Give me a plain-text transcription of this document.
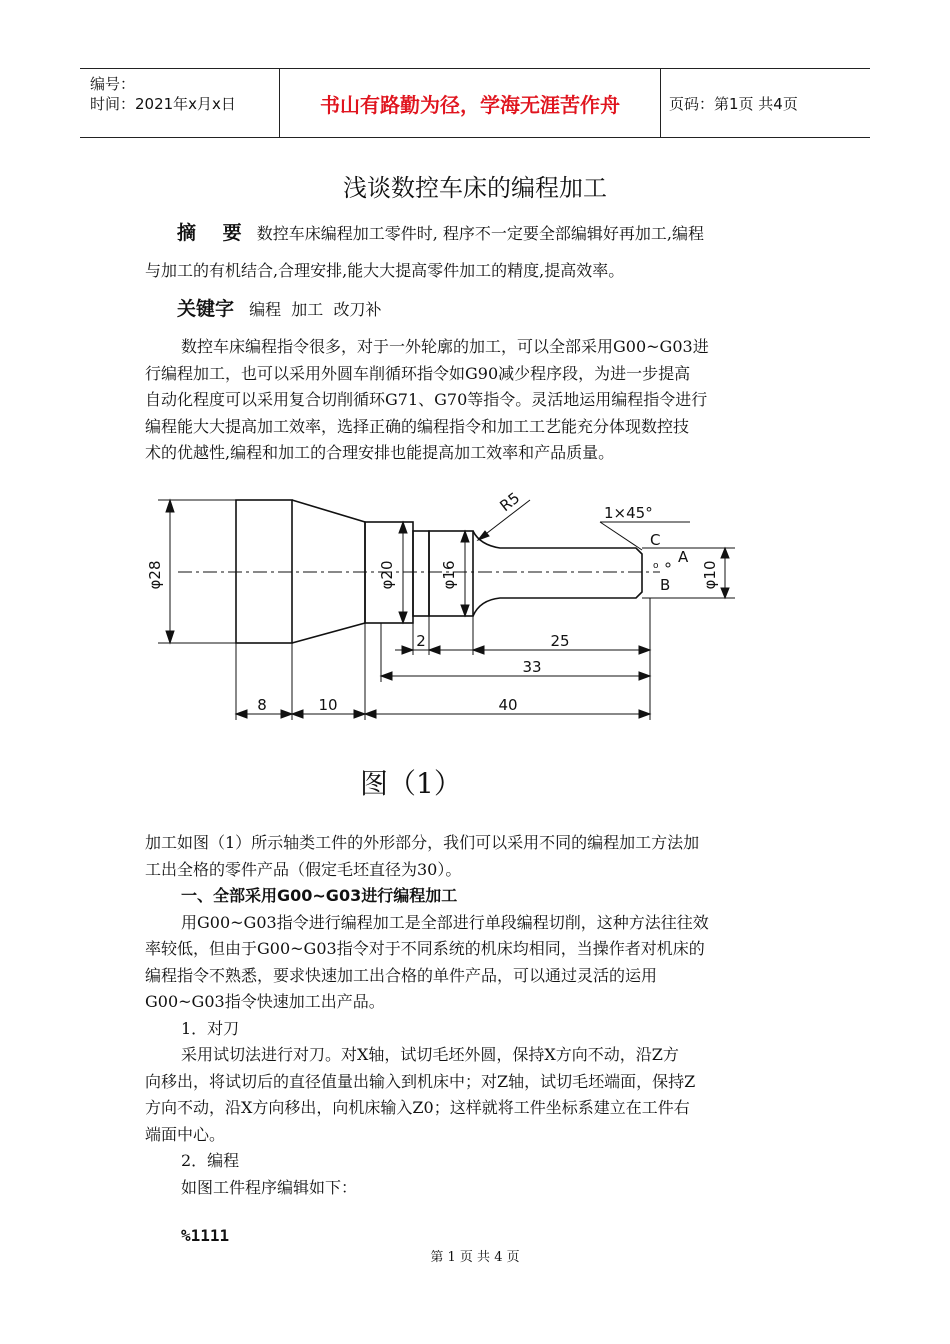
编号：
时间：2021年x月x日	书山有路勤为径，学海无涯苦作舟	页码：第1页 共4页
浅谈数控车床的编程加工
摘 要 数控车床编程加工零件时, 程序不一定要全部编辑好再加工,编程
与加工的有机结合,合理安排,能大大提高零件加工的精度,提高效率。
关键字 编程  加工  改刀补
数控车床编程指令很多，对于一外轮廓的加工，可以全部采用G00~G03进
行编程加工，也可以采用外圆车削循环指令如G90减少程序段，为进一步提高
自动化程度可以采用复合切削循环G71、G70等指令。灵活地运用编程指令进行
编程能大大提高加工效率，选择正确的编程指令和加工工艺能充分体现数控技
术的优越性,编程和加工的合理安排也能提高加工效率和产品质量。
φ28	φ20	φ16	φ10
R5	1×45°
C
A
B
o
8	10	40
33
25
2
图（1）
加工如图（1）所示轴类工件的外形部分，我们可以采用不同的编程加工方法加
工出全格的零件产品（假定毛坯直径为30）。
一、全部采用G00~G03进行编程加工
用G00~G03指令进行编程加工是全部进行单段编程切削，这种方法往往效
率较低，但由于G00~G03指令对于不同系统的机床均相同，当操作者对机床的
编程指令不熟悉，要求快速加工出合格的单件产品，可以通过灵活的运用
G00~G03指令快速加工出产品。
1．对刀
采用试切法进行对刀。对X轴，试切毛坯外圆，保持X方向不动，沿Z方
向移出，将试切后的直径值量出输入到机床中；对Z轴，试切毛坯端面，保持Z
方向不动，沿X方向移出，向机床输入Z0；这样就将工件坐标系建立在工件右
端面中心。
2．编程
如图工件程序编辑如下：
%1111
第 1 页 共 4 页
